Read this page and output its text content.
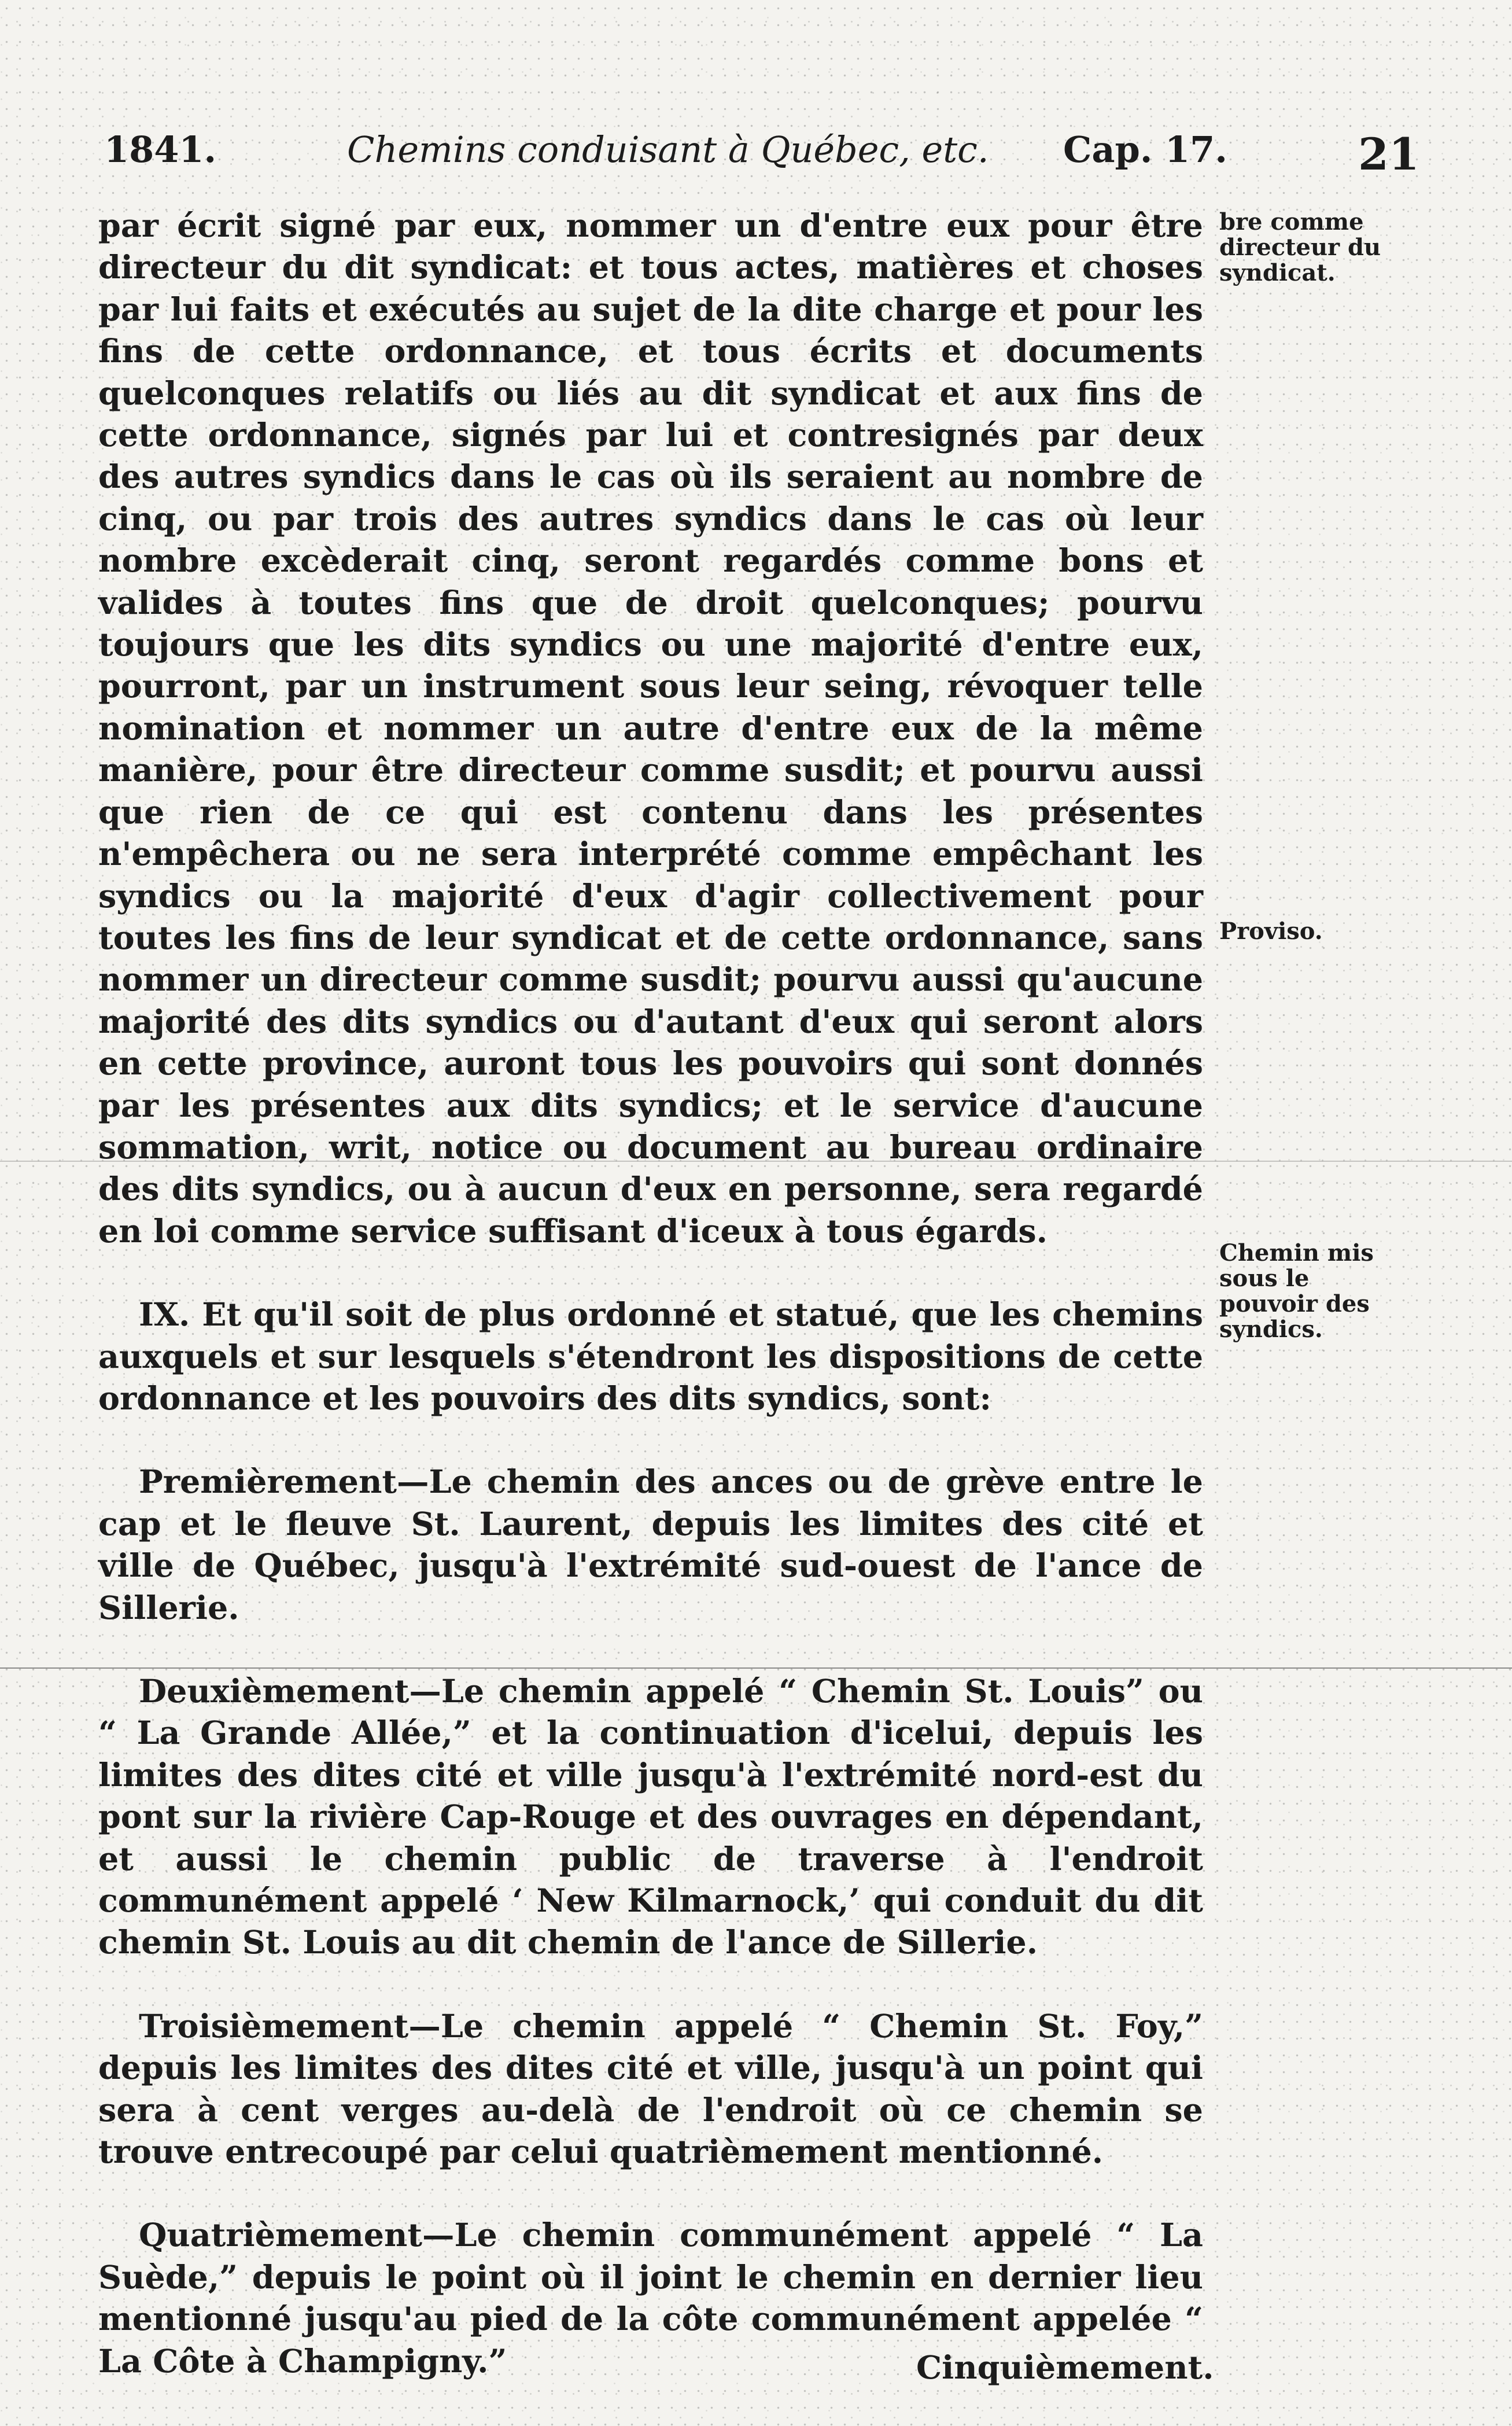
1841.	Chemins conduisant à Québec, etc. Cap. 17.	21
bre comme directeur du syndicat.
Proviso.
Chemin mis sous le pouvoir des syndics.

par écrit signé par eux, nommer un d'entre eux pour être directeur du dit syndicat: et tous actes, matières et choses par lui faits et exécutés au sujet de la dite charge et pour les fins de cette ordonnance, et tous écrits et documents quelconques relatifs ou liés au dit syndicat et aux fins de cette ordonnance, signés par lui et contresignés par deux des autres syndics dans le cas où ils seraient au nombre de cinq, ou par trois des autres syndics dans le cas où leur nombre excèderait cinq, seront regardés comme bons et valides à toutes fins que de droit quelconques; pourvu toujours que les dits syndics ou une majorité d'entre eux, pourront, par un instrument sous leur seing, révoquer telle nomination et nommer un autre d'entre eux de la même manière, pour être directeur comme susdit; et pourvu aussi que rien de ce qui est contenu dans les présentes n'empêchera ou ne sera interprété comme empêchant les syndics ou la majorité d'eux d'agir collectivement pour toutes les fins de leur syndicat et de cette ordonnance, sans nommer un directeur comme susdit; pourvu aussi qu'aucune majorité des dits syndics ou d'autant d'eux qui seront alors en cette province, auront tous les pouvoirs qui sont donnés par les présentes aux dits syndics; et le service d'aucune sommation, writ, notice ou document au bureau ordinaire des dits syndics, ou à aucun d'eux en personne, sera regardé en loi comme service suffisant d'iceux à tous égards.

IX. Et qu'il soit de plus ordonné et statué, que les chemins auxquels et sur lesquels s'étendront les dispositions de cette ordonnance et les pouvoirs des dits syndics, sont:

Premièrement—Le chemin des ances ou de grève entre le cap et le fleuve St. Laurent, depuis les limites des cité et ville de Québec, jusqu'à l'extrémité sud-ouest de l'ance de Sillerie.

Deuxièmement—Le chemin appelé “ Chemin St. Louis” ou “ La Grande Allée,” et la continuation d'icelui, depuis les limites des dites cité et ville jusqu'à l'extrémité nord-est du pont sur la rivière Cap-Rouge et des ouvrages en dépendant, et aussi le chemin public de traverse à l'endroit communément appelé ‘ New Kilmarnock,’ qui conduit du dit chemin St. Louis au dit chemin de l'ance de Sillerie.

Troisièmement—Le chemin appelé “ Chemin St. Foy,” depuis les limites des dites cité et ville, jusqu'à un point qui sera à cent verges au-delà de l'endroit où ce chemin se trouve entrecoupé par celui quatrièmement mentionné.

Quatrièmement—Le chemin communément appelé “ La Suède,” depuis le point où il joint le chemin en dernier lieu mentionné jusqu'au pied de la côte communément appelée “ La Côte à Champigny.”	Cinquièmement.
